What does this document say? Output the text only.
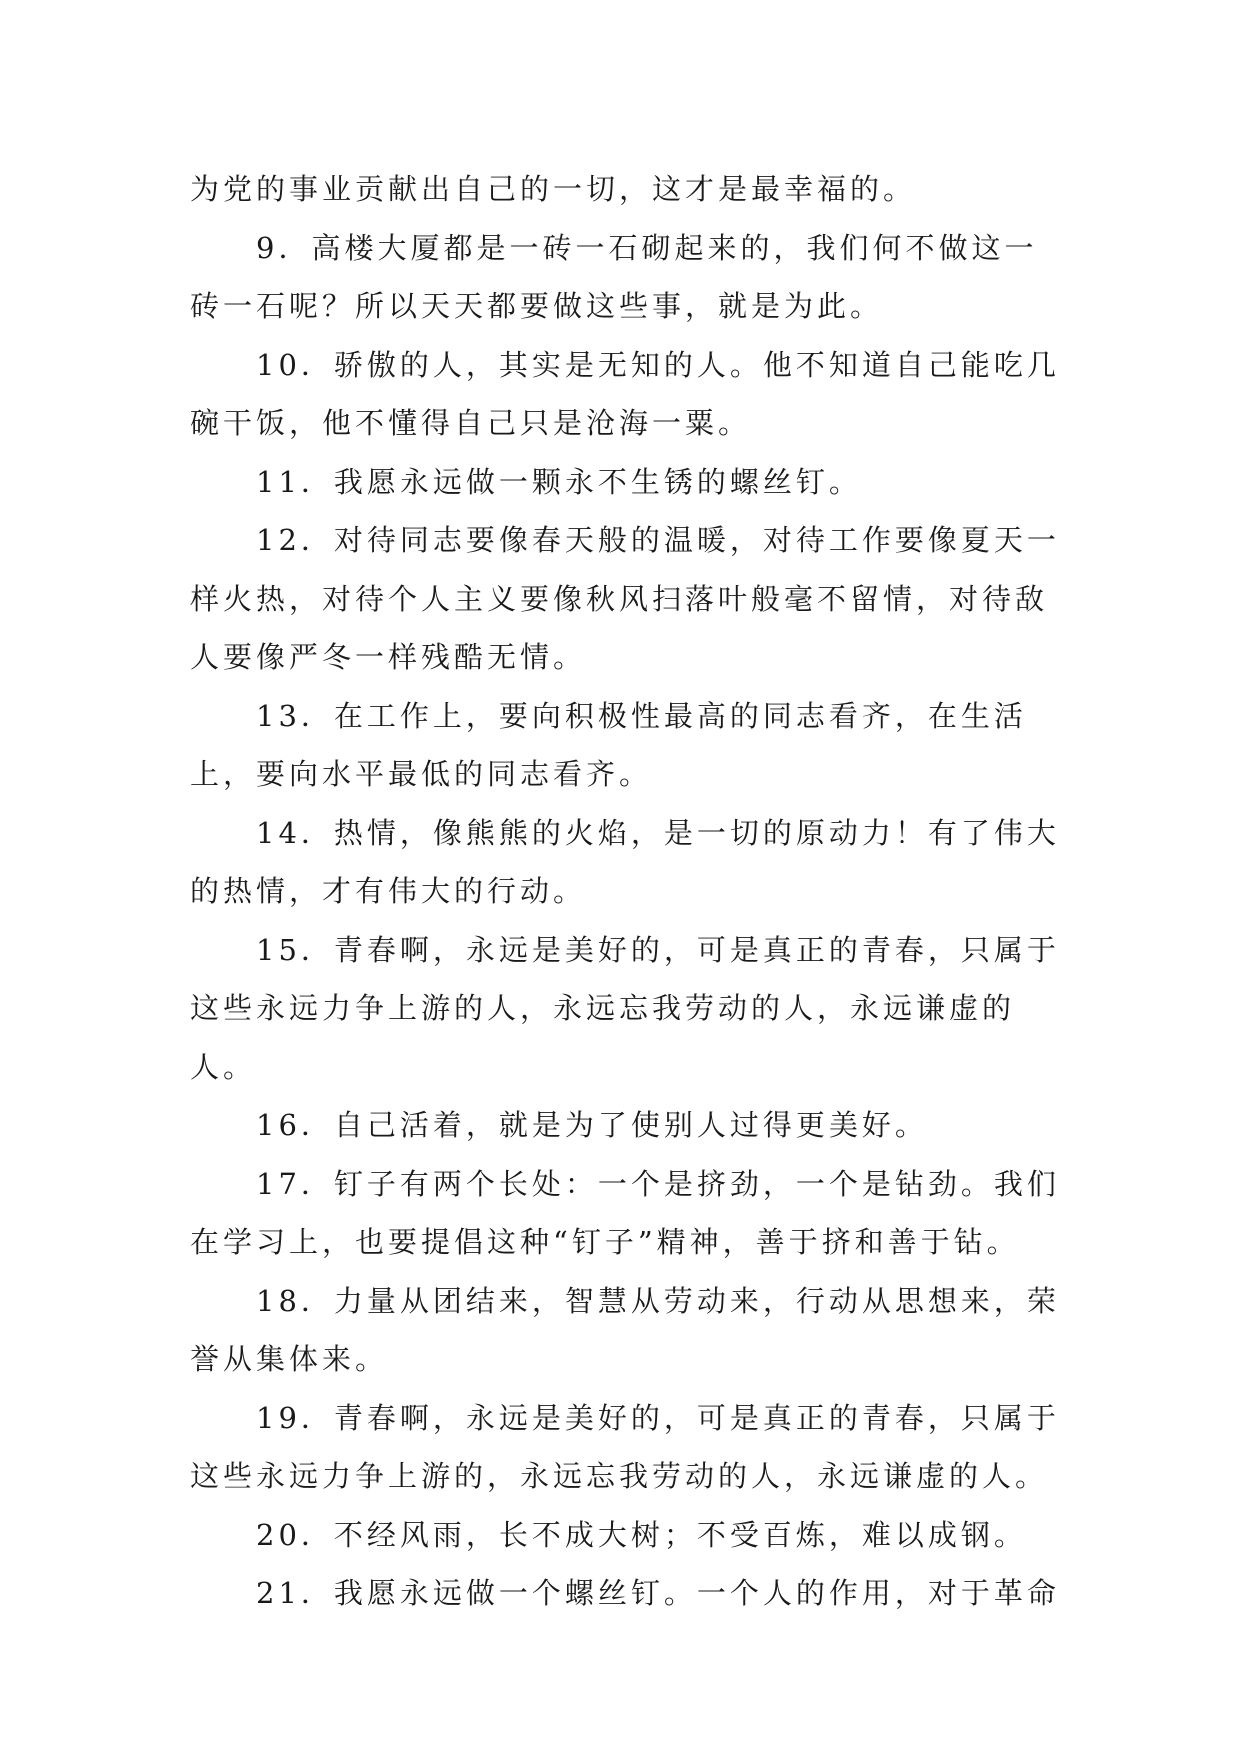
为党的事业贡献出自己的一切，这才是最幸福的。

9．高楼大厦都是一砖一石砌起来的，我们何不做这一砖一石呢？所以天天都要做这些事，就是为此。

10．骄傲的人，其实是无知的人。他不知道自己能吃几碗干饭，他不懂得自己只是沧海一粟。

11．我愿永远做一颗永不生锈的螺丝钉。

12．对待同志要像春天般的温暖，对待工作要像夏天一样火热，对待个人主义要像秋风扫落叶般毫不留情，对待敌人要像严冬一样残酷无情。

13．在工作上，要向积极性最高的同志看齐，在生活上，要向水平最低的同志看齐。

14．热情，像熊熊的火焰，是一切的原动力！有了伟大的热情，才有伟大的行动。

15．青春啊，永远是美好的，可是真正的青春，只属于这些永远力争上游的人，永远忘我劳动的人，永远谦虚的人。

16．自己活着，就是为了使别人过得更美好。

17．钉子有两个长处：一个是挤劲，一个是钻劲。我们在学习上，也要提倡这种“钉子”精神，善于挤和善于钻。

18．力量从团结来，智慧从劳动来，行动从思想来，荣誉从集体来。

19．青春啊，永远是美好的，可是真正的青春，只属于这些永远力争上游的，永远忘我劳动的人，永远谦虚的人。

20．不经风雨，长不成大树；不受百炼，难以成钢。

21．我愿永远做一个螺丝钉。一个人的作用，对于革命
